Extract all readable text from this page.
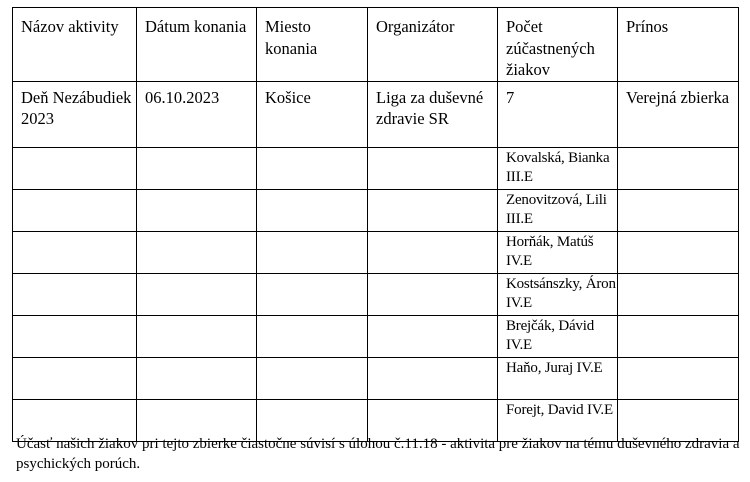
Názov aktivity	Dátum konania	Miesto konania	Organizátor	Počet zúčastnených žiakov	Prínos
Deň Nezábudiek 2023	06.10.2023	Košice	Liga za duševné zdravie SR	7	Verejná zbierka
				Kovalská, Bianka III.E	
				Zenovitzová, Lili III.E	
				Horňák, Matúš IV.E	
				Kostsánszky, Áron IV.E	
				Brejčák, Dávid IV.E	
				Haňo, Juraj IV.E	
				Forejt, David IV.E	

Účasť našich žiakov pri tejto zbierke čiastočne súvisí s úlohou č.11.18 - aktivita pre žiakov na tému duševného zdravia a psychických porúch.
